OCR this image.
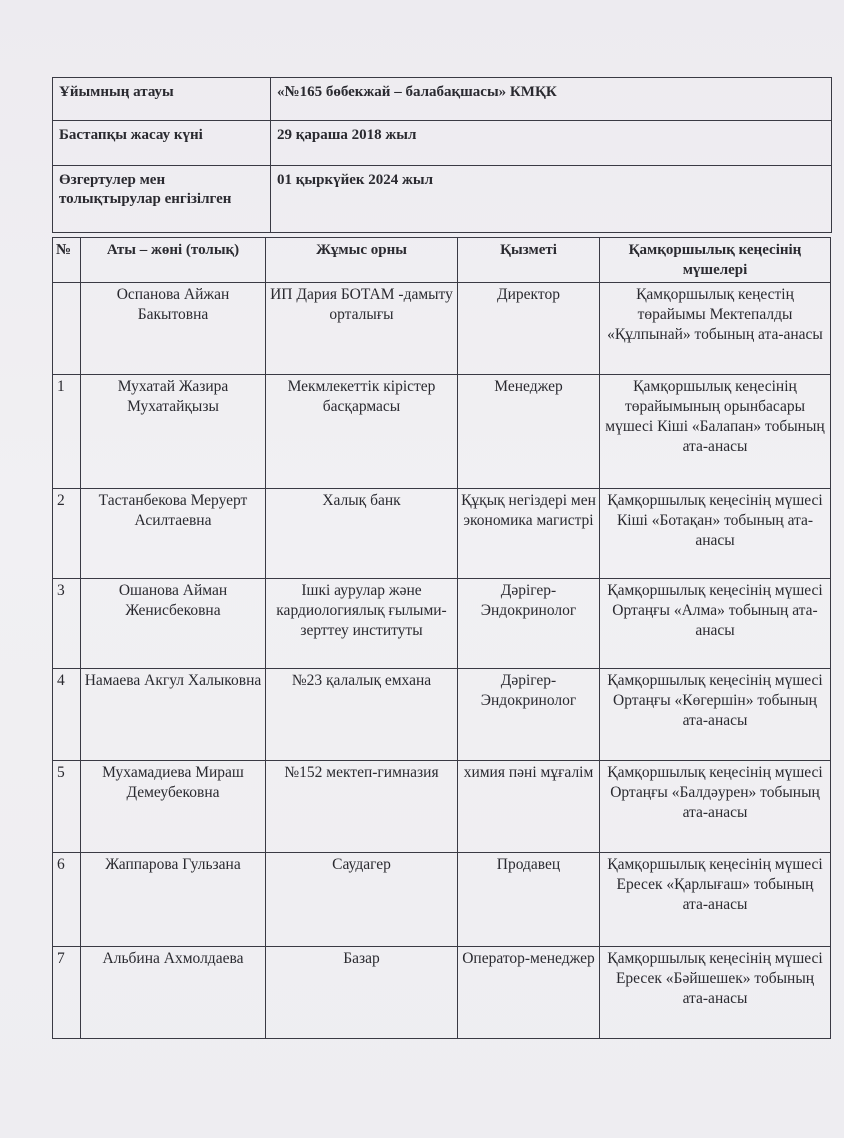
Ұйымның атауы	«№165 бөбекжай – балабақшасы» КМҚК
Бастапқы жасау күні	29 қараша 2018 жыл
Өзгертулер мен толықтырулар енгізілген	01 қыркүйек 2024 жыл
№	Аты – жөні (толық)	Жұмыс орны	Қызметі	Қамқоршылық кеңесінің мүшелері
	Оспанова Айжан Бакытовна	ИП Дария БОТАМ -дамыту орталығы	Директор	Қамқоршылық кеңестің төрайымы Мектепалды «Құлпынай» тобының ата-анасы
1	Мухатай Жазира Мухатайқызы	Мекмлекеттік кірістер басқармасы	Менеджер	Қамқоршылық кеңесінің төрайымының орынбасары мүшесі Кіші «Балапан» тобының ата-анасы
2	Тастанбекова Меруерт Асилтаевна	Халық банк	Құқық негіздері мен экономика магистрі	Қамқоршылық кеңесінің мүшесі Кіші «Ботақан» тобының ата-анасы
3	Ошанова Айман Женисбековна	Ішкі аурулар және кардиологиялық ғылыми-зерттеу институты	Дәрігер-Эндокринолог	Қамқоршылық кеңесінің мүшесі Ортаңғы «Алма» тобының ата-анасы
4	Намаева Акгул Халыковна	№23 қалалық емхана	Дәрігер-Эндокринолог	Қамқоршылық кеңесінің мүшесі Ортаңғы «Көгершін» тобының ата-анасы
5	Мухамадиева Мираш Демеубековна	№152 мектеп-гимназия	химия пәні мұғалім	Қамқоршылық кеңесінің мүшесі Ортаңғы «Балдәурен» тобының ата-анасы
6	Жаппарова Гульзана	Саудагер	Продавец	Қамқоршылық кеңесінің мүшесі Ересек «Қарлығаш» тобының ата-анасы
7	Альбина Ахмолдаева	Базар	Оператор-менеджер	Қамқоршылық кеңесінің мүшесі Ересек «Бәйшешек» тобының ата-анасы
